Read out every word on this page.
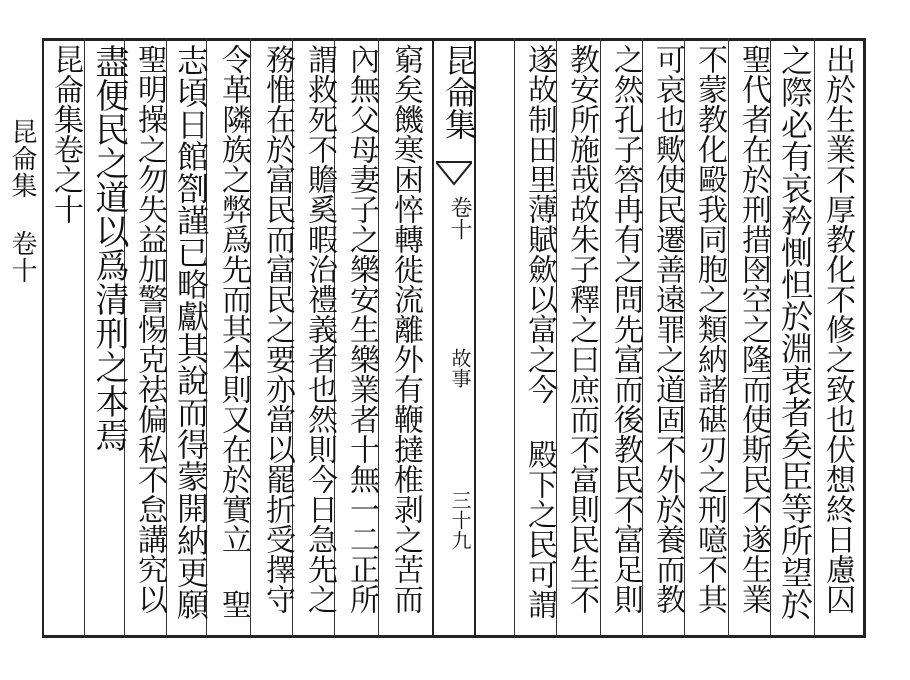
昆侖集 卷十 昆侖集卷之十	窮矣饑寒困悴轉徙流離外有鞭撻椎剥之苦而
內無父母妻子之樂安生樂業者十無一二正所
謂救死不贍奚暇治禮義者也然則今日急先之
務惟在於富民而富民之要亦當以罷折受擇守
令革隣族之弊爲先而其本則又在於實立 聖
志頃日館劄謹已略獻其說而得蒙開納更願
聖明操之勿失益加警惕克祛偏私不怠講究以
盡便民之道以爲清刑之本焉	昆侖集
卷十
故事
三十九	出於生業不厚教化不修之致也伏想終日慮囚
之際必有哀矜惻怛於淵衷者矣臣等所望於
聖代者在於刑措囹空之隆而使斯民不遂生業
不蒙教化毆我同胞之類納諸碪刃之刑噫不其
可哀也歟使民遷善遠罪之道固不外於養而教
之然孔子答冉有之問先富而後教民不富足則
教安所施哉故朱子釋之曰庶而不富則民生不
遂故制田里薄賦歛以富之今 殿下之民可謂
